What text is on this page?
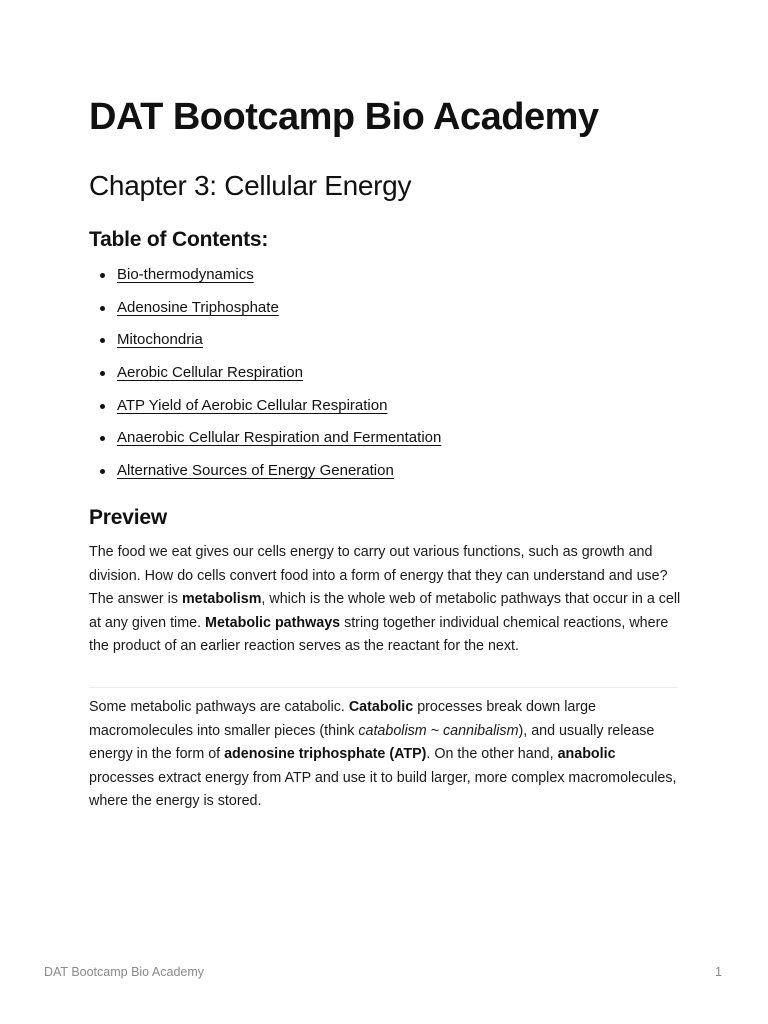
DAT Bootcamp Bio Academy
Chapter 3: Cellular Energy
Table of Contents:
Bio-thermodynamics
Adenosine Triphosphate
Mitochondria
Aerobic Cellular Respiration
ATP Yield of Aerobic Cellular Respiration
Anaerobic Cellular Respiration and Fermentation
Alternative Sources of Energy Generation
Preview

The food we eat gives our cells energy to carry out various functions, such as growth and division. How do cells convert food into a form of energy that they can understand and use? The answer is metabolism, which is the whole web of metabolic pathways that occur in a cell at any given time. Metabolic pathways string together individual chemical reactions, where the product of an earlier reaction serves as the reactant for the next.

Some metabolic pathways are catabolic. Catabolic processes break down large macromolecules into smaller pieces (think catabolism ~ cannibalism), and usually release energy in the form of adenosine triphosphate (ATP). On the other hand, anabolic processes extract energy from ATP and use it to build larger, more complex macromolecules, where the energy is stored.

DAT Bootcamp Bio Academy	1
